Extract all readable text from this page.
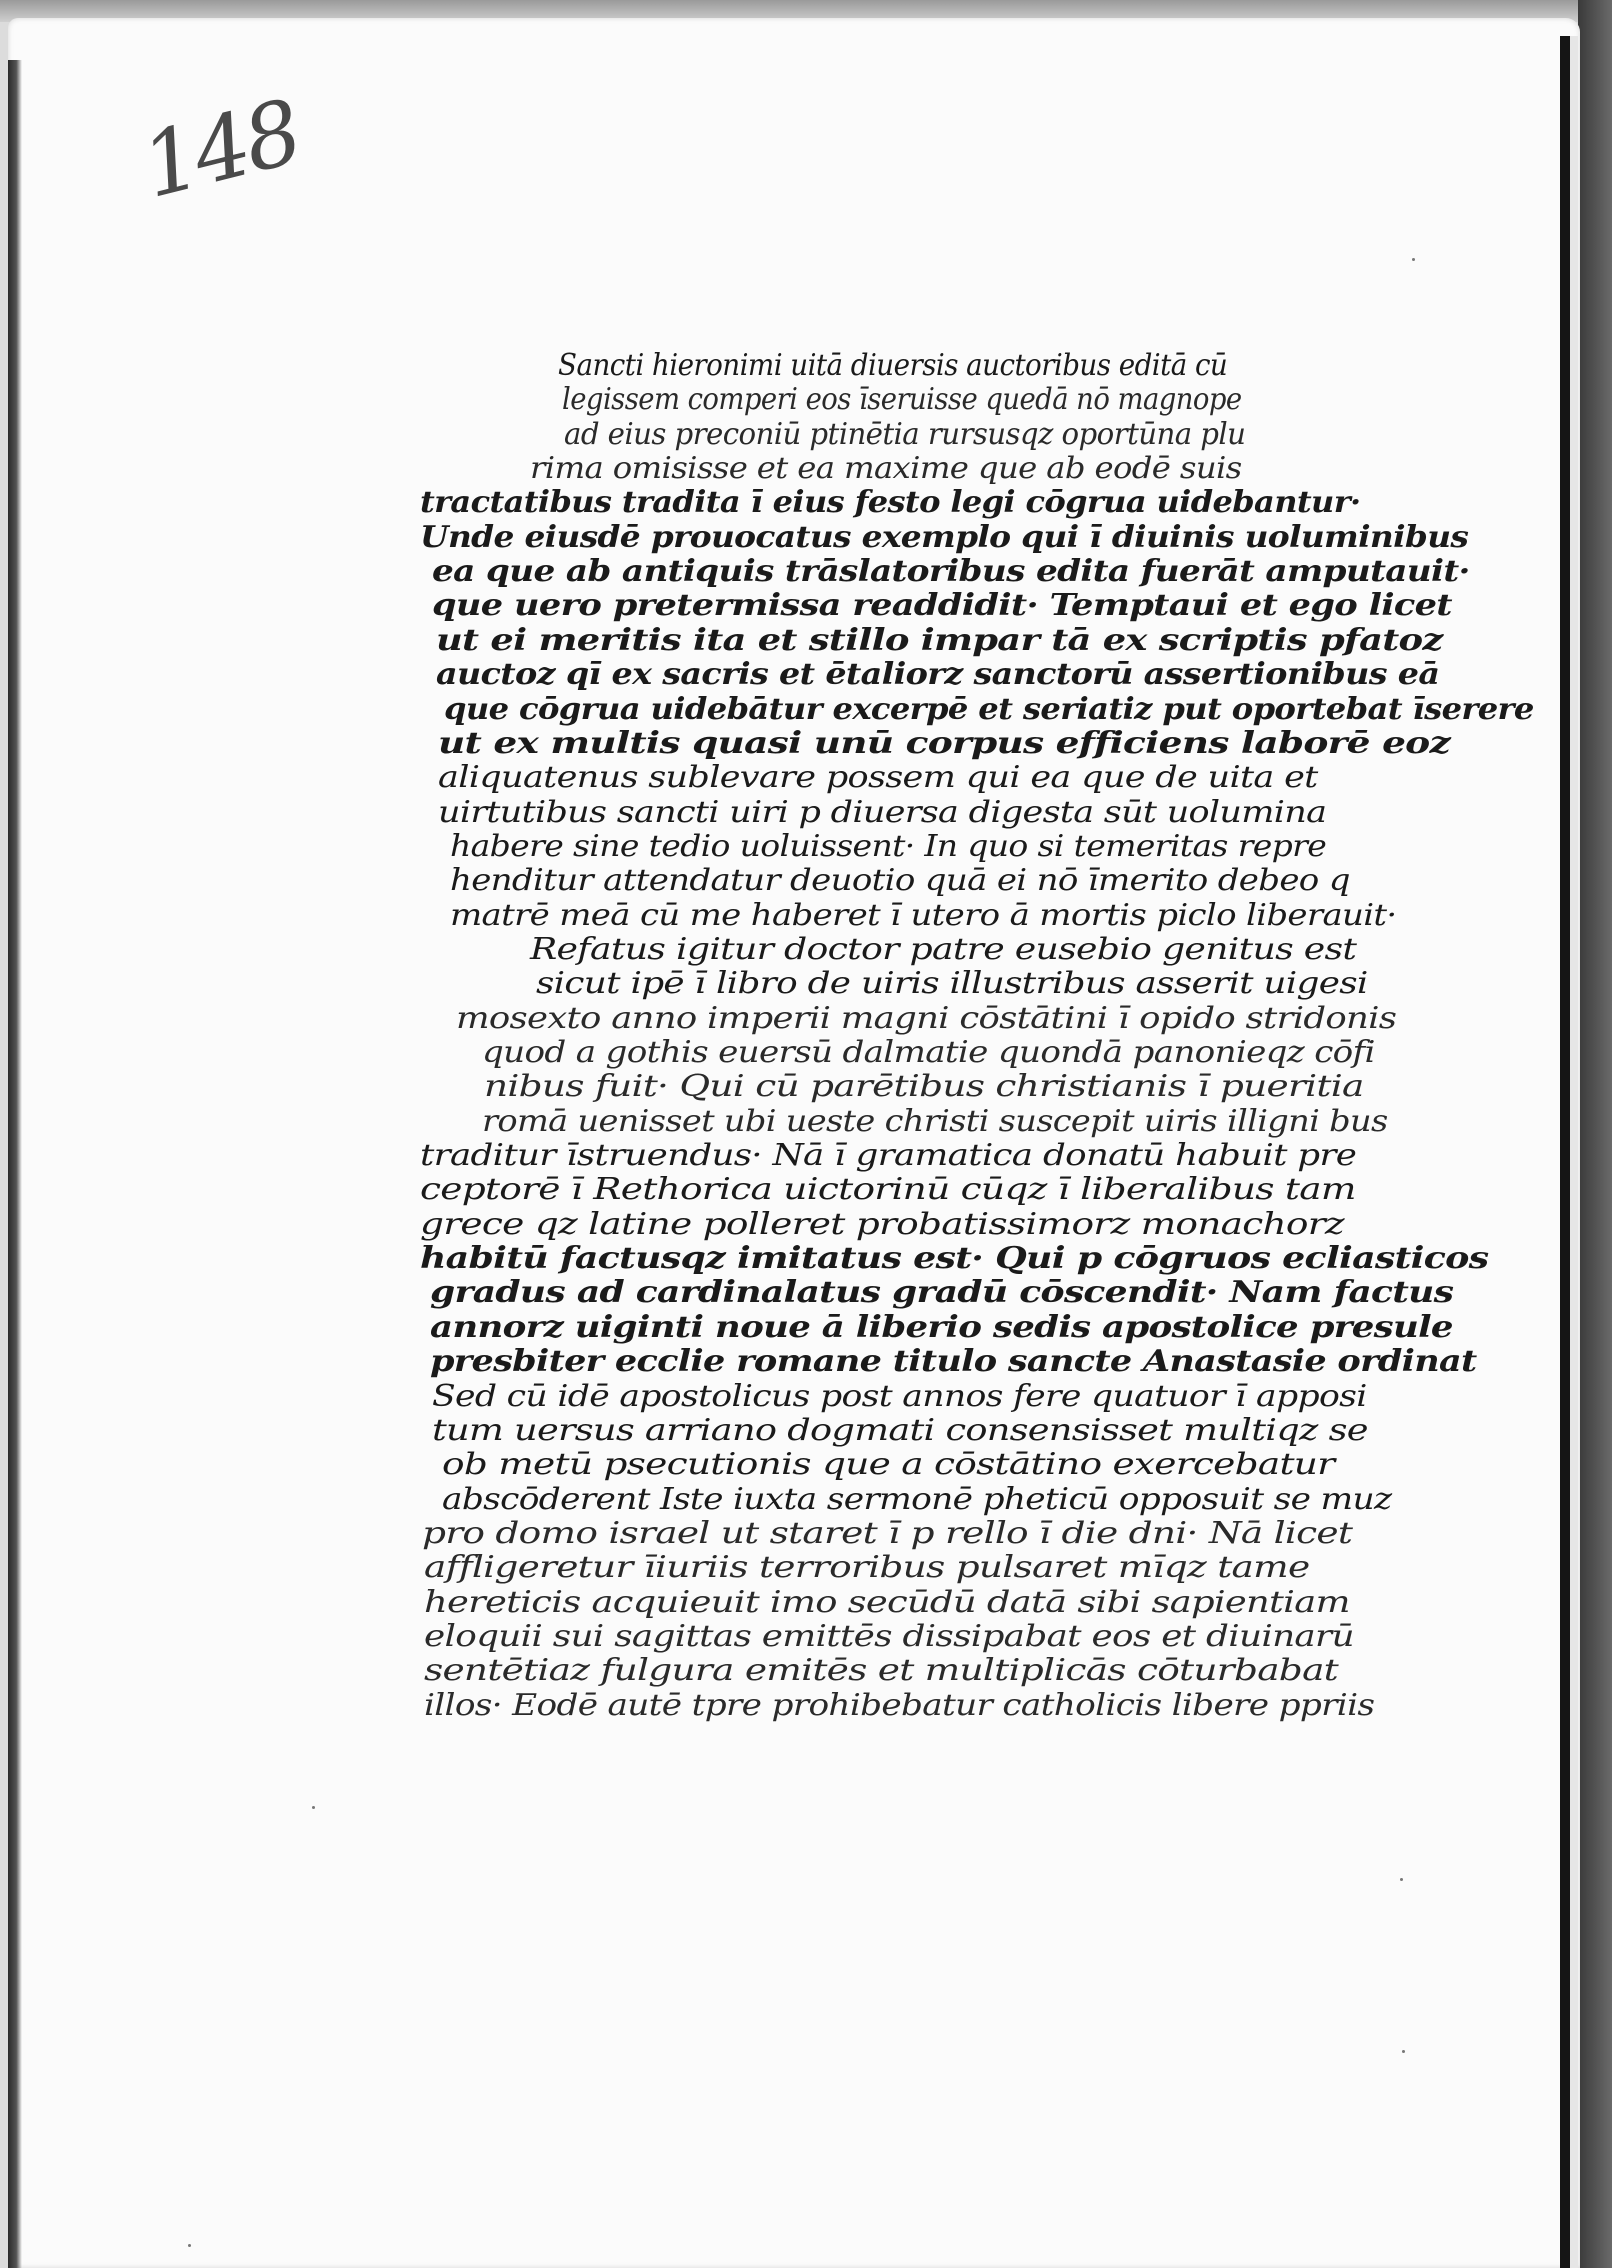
148
Sancti hieronimi uitā diuersis auctoribus editā cū
legissem comperi eos īseruisse quedā nō magnope
ad eius preconiū ptinētia rursusqz oportūna plu
rima omisisse et ea maxime que ab eodē suis
tractatibus tradita ī eius festo legi cōgrua uidebantur·
Unde eiusdē prouocatus exemplo qui ī diuinis uoluminibus
ea que ab antiquis trāslatoribus edita fuerāt amputauit·
que uero pretermissa readdidit· Temptaui et ego licet
ut ei meritis ita et stillo impar tā ex scriptis pfatoz
auctoz qī ex sacris et ētaliorz sanctorū assertionibus eā
que cōgrua uidebātur excerpē et seriatiz put oportebat īserere
ut ex multis quasi unū corpus efficiens laborē eoz
aliquatenus sublevare possem qui ea que de uita et
uirtutibus sancti uiri p diuersa digesta sūt uolumina
habere sine tedio uoluissent· In quo si temeritas repre
henditur attendatur deuotio quā ei nō īmerito debeo q
matrē meā cū me haberet ī utero ā mortis piclo liberauit·
Refatus igitur doctor patre eusebio genitus est
sicut ipē ī libro de uiris illustribus asserit uigesi
mosexto anno imperii magni cōstātini ī opido stridonis
quod a gothis euersū dalmatie quondā panonieqz cōfi
nibus fuit· Qui cū parētibus christianis ī pueritia
romā uenisset ubi ueste christi suscepit uiris illigni bus
traditur īstruendus· Nā ī gramatica donatū habuit pre
ceptorē ī Rethorica uictorinū cūqz ī liberalibus tam
grece qz latine polleret probatissimorz monachorz
habitū factusqz imitatus est· Qui p cōgruos ecliasticos
gradus ad cardinalatus gradū cōscendit· Nam factus
annorz uiginti noue ā liberio sedis apostolice presule
presbiter ecclie romane titulo sancte Anastasie ordinat
Sed cū idē apostolicus post annos fere quatuor ī apposi
tum uersus arriano dogmati consensisset multiqz se
ob metū psecutionis que a cōstātino exercebatur
abscōderent Iste iuxta sermonē pheticū opposuit se muz
pro domo israel ut staret ī p rello ī die dni· Nā licet
affligeretur īiuriis terroribus pulsaret mīqz tame
hereticis acquieuit imo secūdū datā sibi sapientiam
eloquii sui sagittas emittēs dissipabat eos et diuinarū
sentētiaz fulgura emitēs et multiplicās cōturbabat
illos· Eodē autē tpre prohibebatur catholicis libere ppriis
